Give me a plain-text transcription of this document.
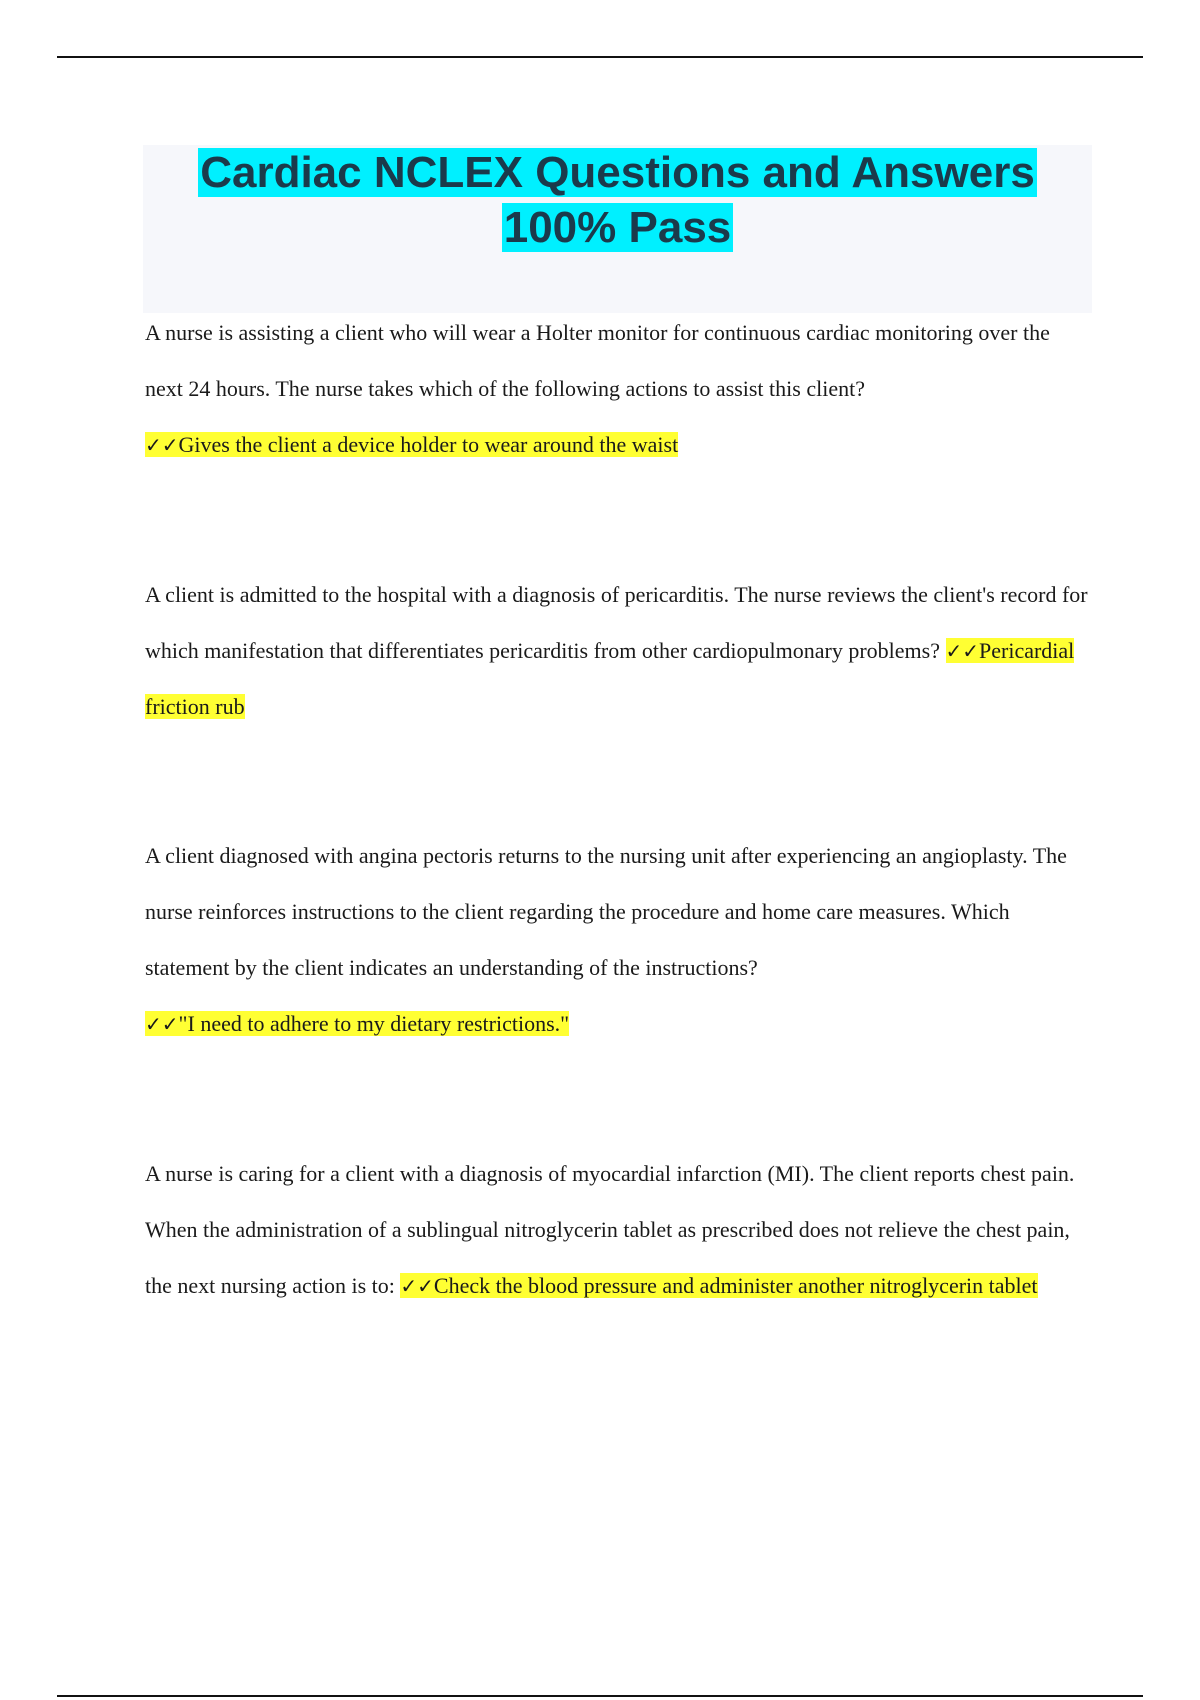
Cardiac NCLEX Questions and Answers
100% Pass

A nurse is assisting a client who will wear a Holter monitor for continuous cardiac monitoring over the next 24 hours. The nurse takes which of the following actions to assist this client?
✓✓Gives the client a device holder to wear around the waist
A client is admitted to the hospital with a diagnosis of pericarditis. The nurse reviews the client's record for which manifestation that differentiates pericarditis from other cardiopulmonary problems? ✓✓Pericardial friction rub
A client diagnosed with angina pectoris returns to the nursing unit after experiencing an angioplasty. The nurse reinforces instructions to the client regarding the procedure and home care measures. Which statement by the client indicates an understanding of the instructions?
✓✓"I need to adhere to my dietary restrictions."
A nurse is caring for a client with a diagnosis of myocardial infarction (MI). The client reports chest pain. When the administration of a sublingual nitroglycerin tablet as prescribed does not relieve the chest pain, the next nursing action is to: ✓✓Check the blood pressure and administer another nitroglycerin tablet
